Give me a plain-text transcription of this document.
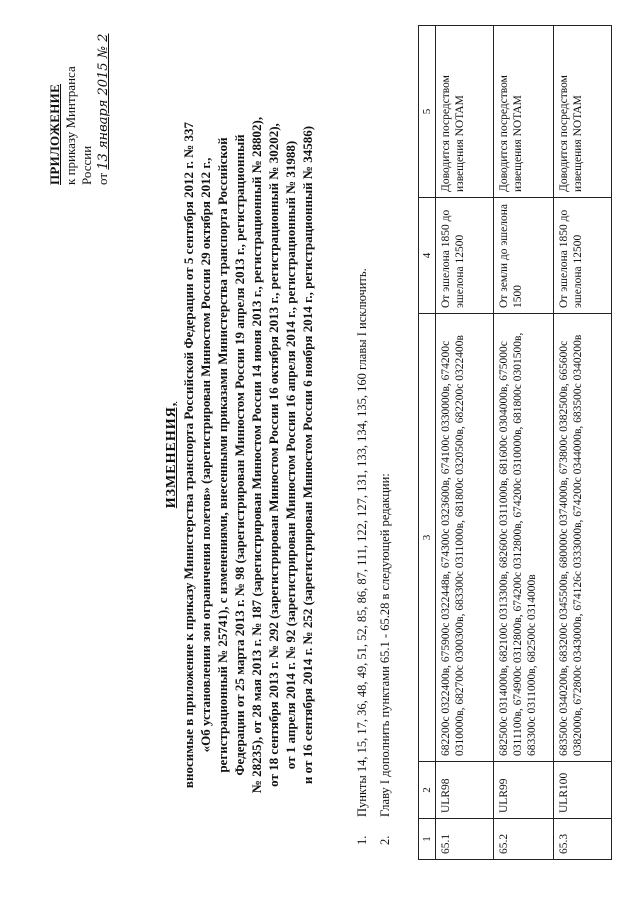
ПРИЛОЖЕНИЕ к приказу Минтранса России от 13 января 2015 № 2
ИЗМЕНЕНИЯ, вносимые в приложение к приказу Министерства транспорта Российской Федерации от 5 сентября 2012 г. № 337 «Об установлении зон ограничения полетов» (зарегистрирован Минюстом России 29 октября 2012 г., регистрационный № 25741), с изменениями, внесенными приказами Министерства транспорта Российской Федерации от 25 марта 2013 г. № 98 (зарегистрирован Минюстом России 19 апреля 2013 г., регистрационный № 28235), от 28 мая 2013 г. № 187 (зарегистрирован Минюстом России 14 июня 2013 г., регистрационный № 28802), от 18 сентября 2013 г. № 292 (зарегистрирован Минюстом России 16 октября 2013 г., регистрационный № 30202), от 1 апреля 2014 г. № 92 (зарегистрирован Минюстом России 16 апреля 2014 г., регистрационный № 31988) и от 16 сентября 2014 г. № 252 (зарегистрирован Минюстом России 6 ноября 2014 г., регистрационный № 34586)
1.Пункты 14, 15, 17, 36, 48, 49, 51, 52, 85, 86, 87, 111, 122, 127, 131, 133, 134, 135, 160 главы I исключить.
2.Главу I дополнить пунктами 65.1 - 65.28 в следующей редакции:
1	2	3	4	5
65.1	ULR98	682200с 0322400в, 675900с 0322448в, 674300с 0323600в, 674100с 0330000в, 674200с 0310000в, 682700с 0300300в, 683300с 0311000в, 681800с 0320500в, 682200с 0322400в	От эшелона 1850 до эшелона 12500	Доводится посредством извещения NOTAM
65.2	ULR99	682500с 0314000в, 682100с 0313300в, 682600с 0311000в, 681600с 0304000в, 675000с 0311100в, 674900с 0312800в, 674200с 0312800в, 674200с 0310000в, 681800с 0301500в, 683300с 0311000в, 682500с 0314000в	От земли до эшелона 1500	Доводится посредством извещения NOTAM
65.3	ULR100	683500с 0340200в, 683200с 0345500в, 680000с 0374000в, 673800с 0382500в, 665600с 0382000в, 672800с 0343000в, 674126с 0333000в, 674200с 0344000в, 683500с 0340200в	От эшелона 1850 до эшелона 12500	Доводится посредством извещения NOTAM
